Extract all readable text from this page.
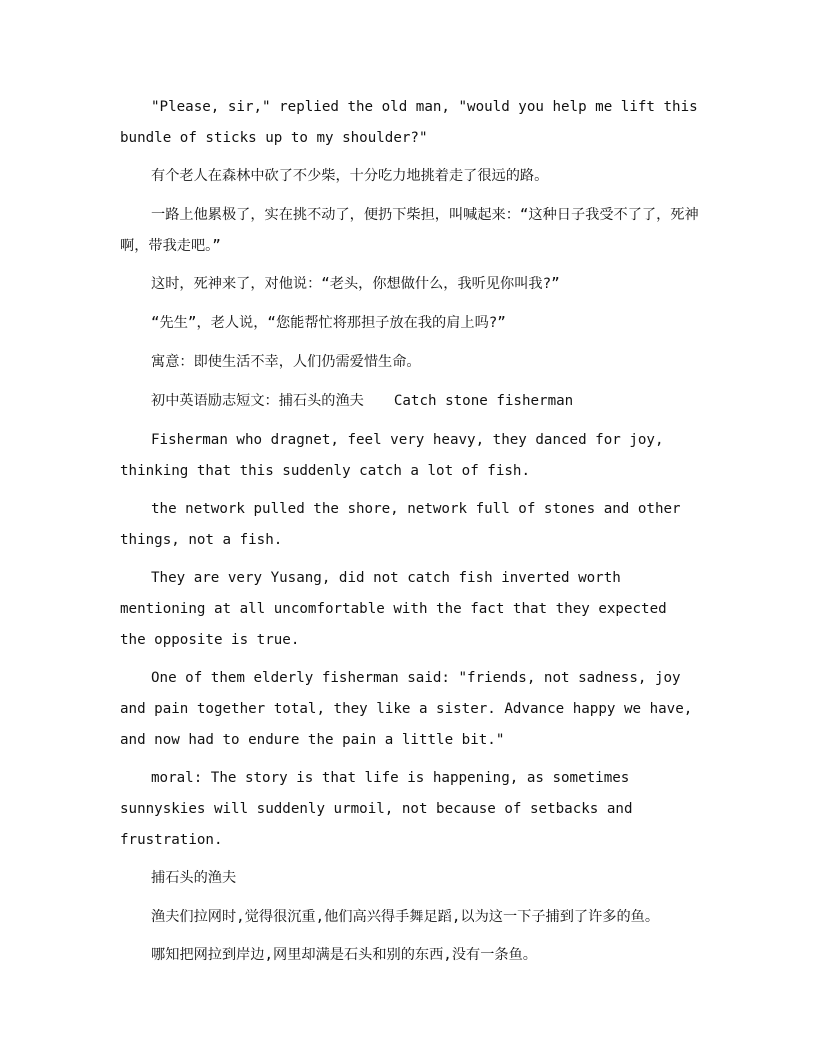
"Please, sir," replied the old man, "would you help me lift this bundle of sticks up to my shoulder?"

有个老人在森林中砍了不少柴，十分吃力地挑着走了很远的路。

一路上他累极了，实在挑不动了，便扔下柴担，叫喊起来：“这种日子我受不了了，死神啊，带我走吧。”

这时，死神来了，对他说：“老头，你想做什么，我听见你叫我?”

“先生”，老人说，“您能帮忙将那担子放在我的肩上吗?”

寓意：即使生活不幸，人们仍需爱惜生命。

初中英语励志短文：捕石头的渔夫 Catch stone fisherman

Fisherman who dragnet, feel very heavy, they danced for joy, thinking that this suddenly catch a lot of fish.

the network pulled the shore, network full of stones and other things, not a fish.

They are very Yusang, did not catch fish inverted worth mentioning at all uncomfortable with the fact that they expected the opposite is true.

One of them elderly fisherman said: "friends, not sadness, joy and pain together total, they like a sister. Advance happy we have, and now had to endure the pain a little bit."

moral: The story is that life is happening, as sometimes sunnyskies will suddenly urmoil, not because of setbacks and frustration.

捕石头的渔夫

渔夫们拉网时,觉得很沉重,他们高兴得手舞足蹈,以为这一下子捕到了许多的鱼。

哪知把网拉到岸边,网里却满是石头和别的东西,没有一条鱼。
